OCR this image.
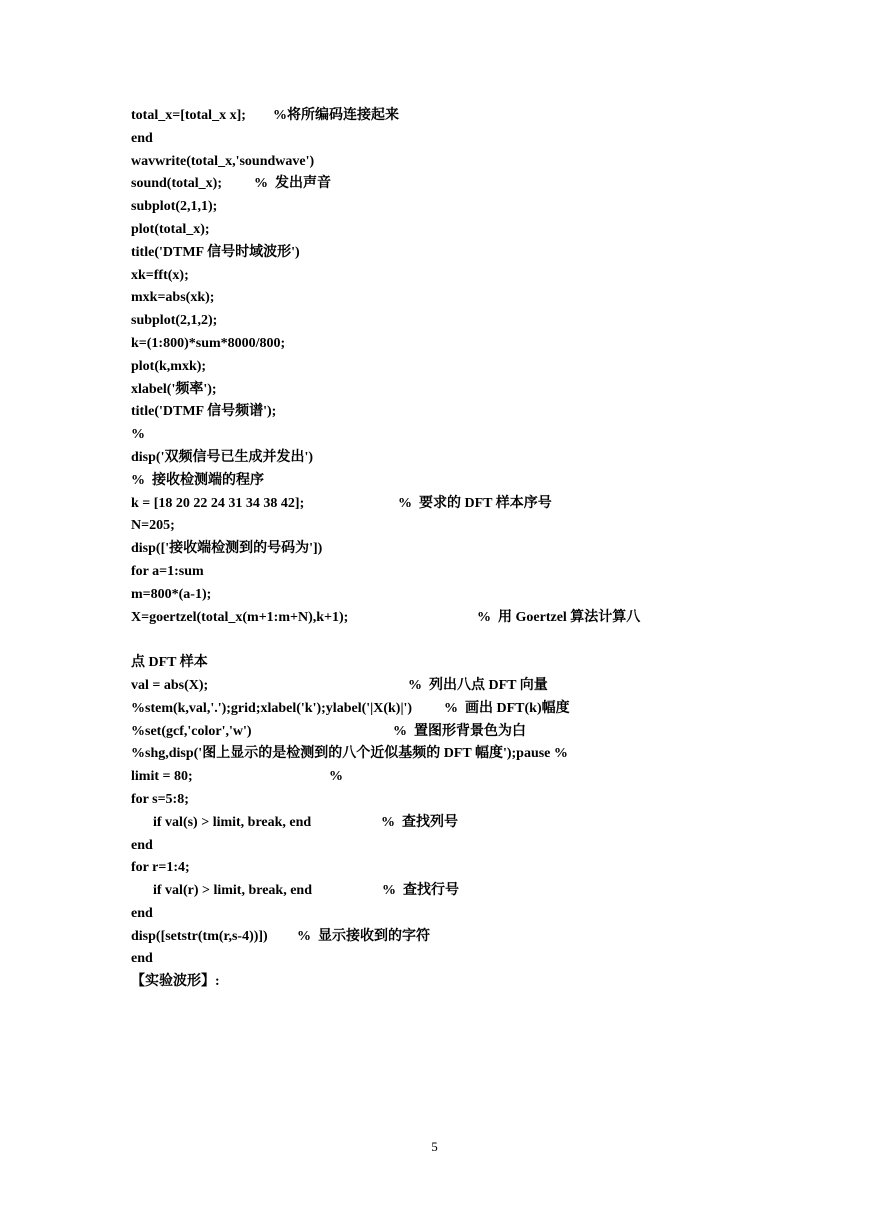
total_x=[total_x x];

%将所编码连接起来

end

wavwrite(total_x,'soundwave')

sound(total_x);

%  发出声音

subplot(2,1,1);

plot(total_x);

title('DTMF 信号时域波形')

xk=fft(x);

mxk=abs(xk);

subplot(2,1,2);

k=(1:800)*sum*8000/800;

plot(k,mxk);

xlabel('频率');

title('DTMF 信号频谱');

%

disp('双频信号已生成并发出')

%  接收检测端的程序

k = [18 20 22 24 31 34 38 42];

	%  要求的 DFT 样本序号

N=205;

disp(['接收端检测到的号码为'])

for a=1:sum

m=800*(a-1);

X=goertzel(total_x(m+1:m+N),k+1);

	%  用 Goertzel 算法计算八

点 DFT 样本

val = abs(X);

	%  列出八点 DFT 向量

%stem(k,val,'.');grid;xlabel('k');ylabel('|X(k)|')

%  画出 DFT(k)幅度

%set(gcf,'color','w')

	%  置图形背景色为白

%shg,disp('图上显示的是检测到的八个近似基频的 DFT 幅度');pause %

limit = 80;

	%

for s=5:8;

if val(s) > limit, break, end

	%  查找列号

end

for r=1:4;

if val(r) > limit, break, end

	%  查找行号

end

disp([setstr(tm(r,s-4))])

%  显示接收到的字符

end

【实验波形】:

5
